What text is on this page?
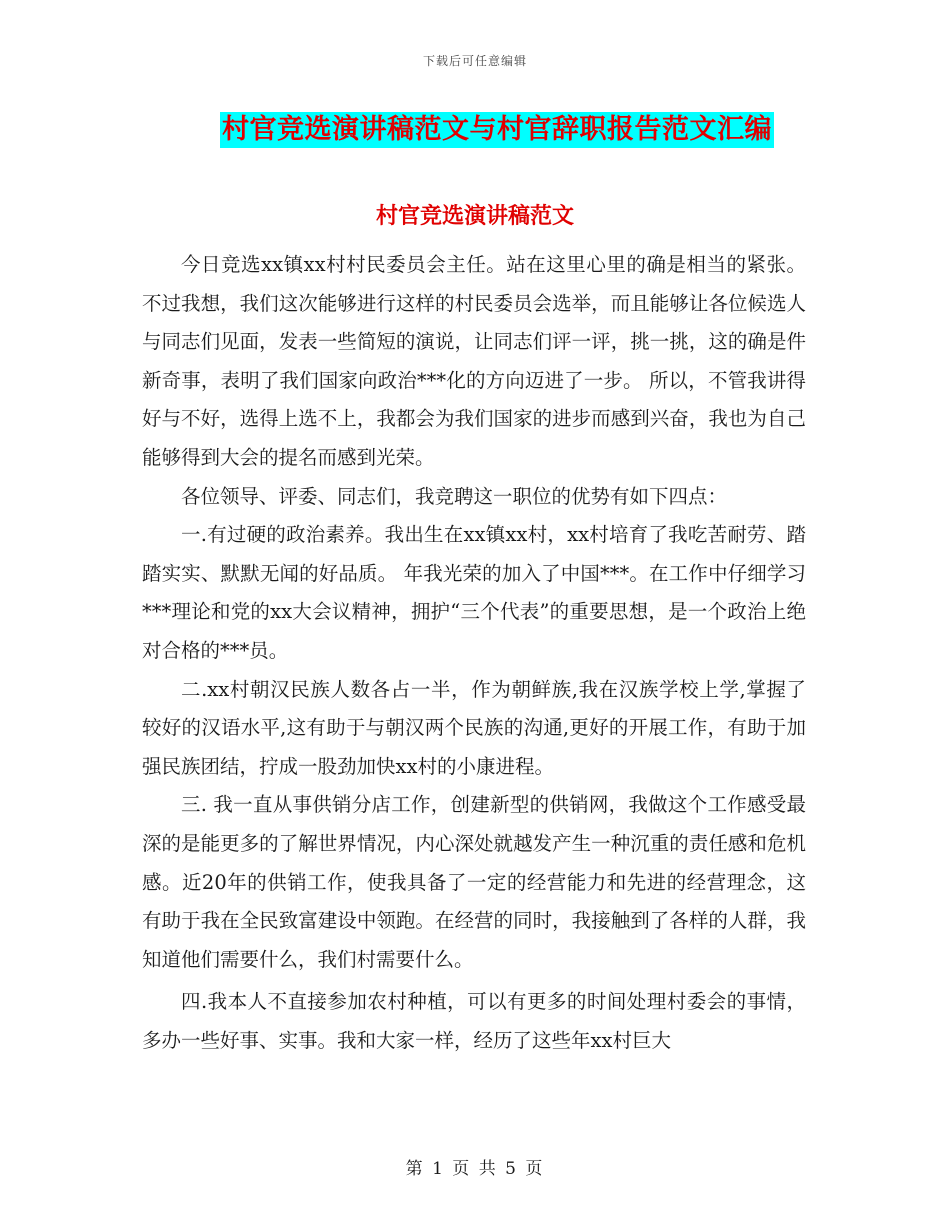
下载后可任意编辑
村官竞选演讲稿范文与村官辞职报告范文汇编
村官竞选演讲稿范文

今日竞选xx镇xx村村民委员会主任。站在这里心里的确是相当的紧张。不过我想，我们这次能够进行这样的村民委员会选举，而且能够让各位候选人与同志们见面，发表一些简短的演说，让同志们评一评，挑一挑，这的确是件新奇事，表明了我们国家向政治***化的方向迈进了一步。 所以，不管我讲得好与不好，选得上选不上，我都会为我们国家的进步而感到兴奋，我也为自己能够得到大会的提名而感到光荣。

各位领导、评委、同志们，我竞聘这一职位的优势有如下四点：

一.有过硬的政治素养。我出生在xx镇xx村，xx村培育了我吃苦耐劳、踏踏实实、默默无闻的好品质。 年我光荣的加入了中国***。在工作中仔细学习***理论和党的xx大会议精神，拥护“三个代表”的重要思想，是一个政治上绝对合格的***员。

二.xx村朝汉民族人数各占一半，作为朝鲜族,我在汉族学校上学,掌握了较好的汉语水平,这有助于与朝汉两个民族的沟通,更好的开展工作，有助于加强民族团结，拧成一股劲加快xx村的小康进程。

三. 我一直从事供销分店工作，创建新型的供销网，我做这个工作感受最深的是能更多的了解世界情况，内心深处就越发产生一种沉重的责任感和危机感。近20年的供销工作，使我具备了一定的经营能力和先进的经营理念，这有助于我在全民致富建设中领跑。在经营的同时，我接触到了各样的人群，我知道他们需要什么，我们村需要什么。

四.我本人不直接参加农村种植，可以有更多的时间处理村委会的事情，多办一些好事、实事。我和大家一样，经历了这些年xx村巨大

第 1 页 共 5 页
